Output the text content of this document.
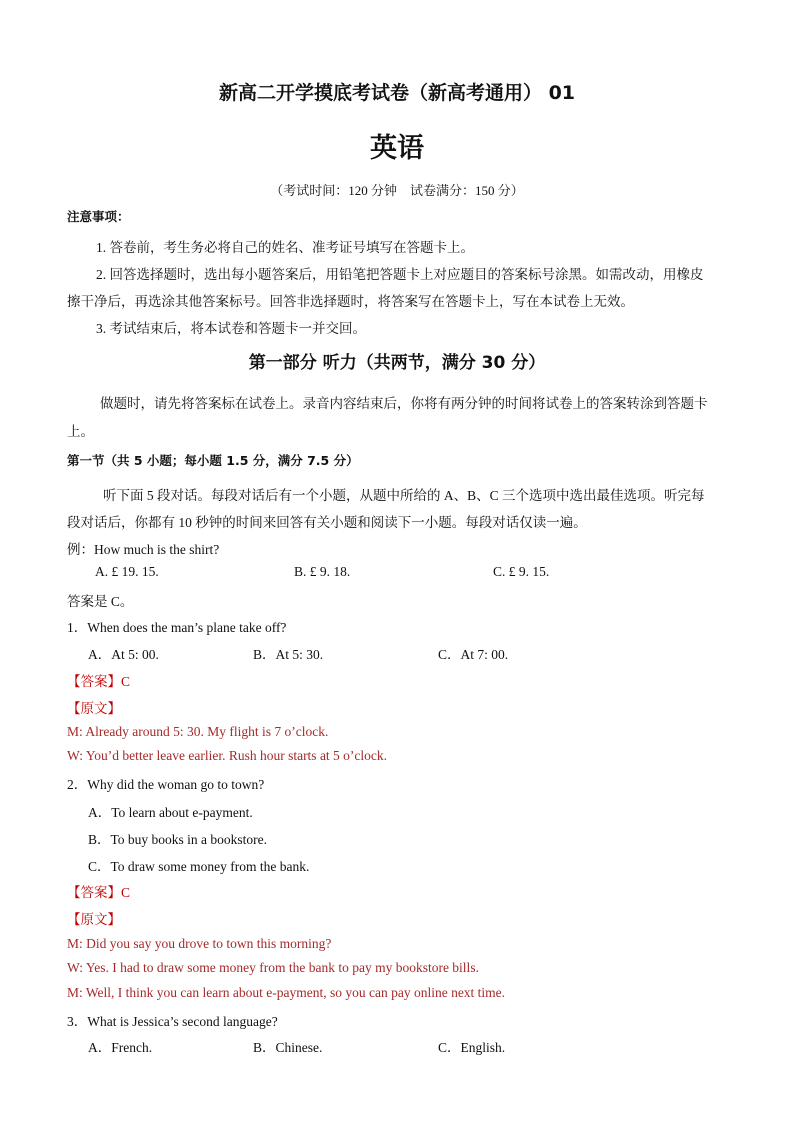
新高二开学摸底考试卷（新高考通用） 01
英语
（考试时间：120 分钟　试卷满分：150 分）
注意事项：
1. 答卷前，考生务必将自己的姓名、准考证号填写在答题卡上。
2. 回答选择题时，选出每小题答案后，用铅笔把答题卡上对应题目的答案标号涂黑。如需改动，用橡皮
擦干净后，再选涂其他答案标号。回答非选择题时，将答案写在答题卡上，写在本试卷上无效。
3. 考试结束后，将本试卷和答题卡一并交回。
第一部分 听力（共两节，满分 30 分）
做题时，请先将答案标在试卷上。录音内容结束后，你将有两分钟的时间将试卷上的答案转涂到答题卡
上。
第一节（共 5 小题；每小题 1.5 分，满分 7.5 分）
听下面 5 段对话。每段对话后有一个小题，从题中所给的 A、B、C 三个选项中选出最佳选项。听完每
段对话后，你都有 10 秒钟的时间来回答有关小题和阅读下一小题。每段对话仅读一遍。
例：How much is the shirt?
A. £ 19. 15.	B. £ 9. 18.	C. £ 9. 15.
答案是 C。
1．When does the man’s plane take off?
A．At 5: 00.	B．At 5: 30.	C．At 7: 00.
【答案】C
【原文】
M: Already around 5: 30. My flight is 7 o’clock.
W: You’d better leave earlier. Rush hour starts at 5 o’clock.
2．Why did the woman go to town?
A．To learn about e-payment.
B．To buy books in a bookstore.
C．To draw some money from the bank.
【答案】C
【原文】
M: Did you say you drove to town this morning?
W: Yes. I had to draw some money from the bank to pay my bookstore bills.
M: Well, I think you can learn about e-payment, so you can pay online next time.
3．What is Jessica’s second language?
A．French.	B．Chinese.	C．English.
